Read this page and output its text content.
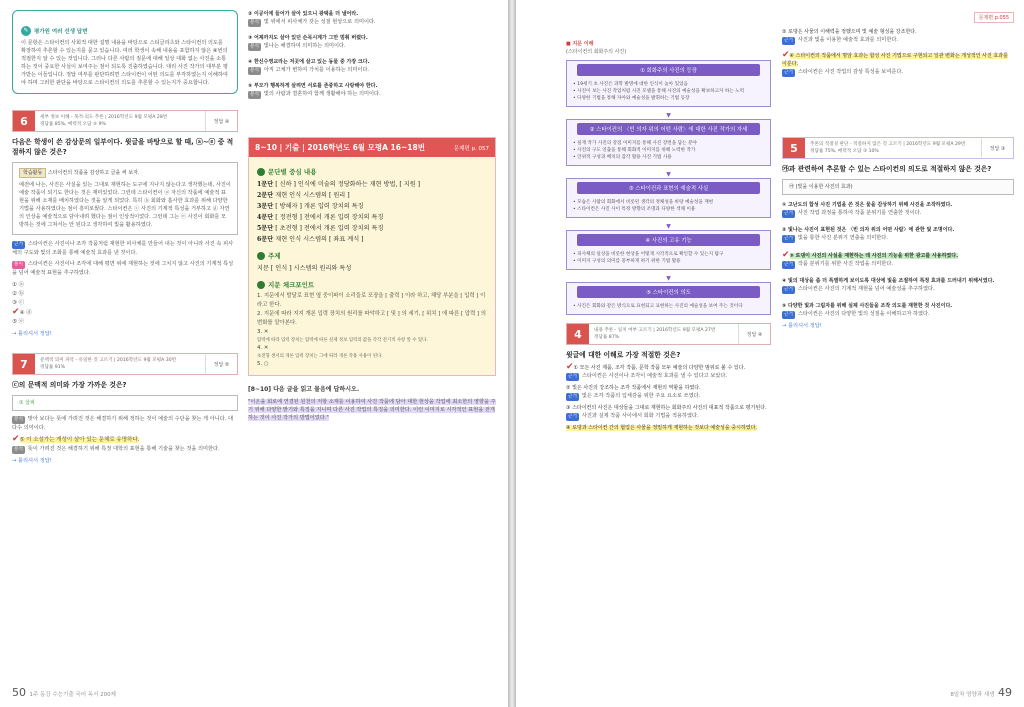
✎ 평가원 여러 선생 답변
이 문항은 스타이컨의 사회적 대한 설명 내용을 바탕으로 스티글리츠와 스타이컨의 의도를 확장하여 추론할 수 있는지를 묻고 있습니다. 여러 학생이 속해 내용을 포함하지 않은 ④번의 적절한지 알 수 있는 것입니다. 그러나 다른 사람의 질문에 대해 일상 대화 없는 사진을 소통하는 것이 중요한 사실이 보여주는 점이 되도록 진출하였습니다. 대리 사진 작가의 대부분 평가받는 이들입니다. 정답 여부를 판단하려면 스타이컨이 어떤 의도를 부각하였는지 이해하여야 하며 그러한 판단을 바탕으로 스타이컨의 의도를 추론할 수 있는지가 중요합니다.
6	세부 정보 이해 - 목적·의도 추론 | 2016학년도 9월 모평A 28번
정답률 85%, 매력적 오답 ⑤ 9%	정답 ④
다음은 학생이 쓴 감상문의 일부이다. 윗글을 바탕으로 할 때, ⓐ~ⓔ 중 적절하지 않은 것은?
학습활동 스타이컨의 작품을 감상하고 글을 써 보자.
예전에 나는, 사진은 사실을 있는 그대로 재현하는 도구에 지나지 않는다고 생각했는데, 사진이 예술 작품이 되기도 한다는 것은 재미있었다. 그런데 스타이컨이 ⓐ 자신의 작품에 예술적 표현을 위해 소재를 배치하였다는 것을 알게 되었다. 특히 ⓑ 회화와 흡사한 효과를 위해 다양한 기법을 사용하였다는 점이 흥미로웠다. 스타이컨은 ⓒ 사진의 기계적 특성을 거부하고 ⓓ 자연의 인상을 예술적으로 담아내려 했다는 점이 인상적이었다. 그런데 그는 ⓔ 사진이 회화를 모방하는 것에 그쳐서는 안 된다고 생각하여 빛을 활용하였다.
근거 스타이컨은 사진이나 조각 작품처럼 재현한 피사체를 만들어 내는 것이 아니라 사진 속 피사체의 구도와 빛의 조화를 통해 예술적 효과를 낸 것이다.
풀이 스타이컨은 사진이나 조각에 대해 평면 위에 재현하는 것에 그치지 않고 사진의 기계적 특성을 넘어 예술적 표현을 추구하였다.
① ⓐ
② ⓑ
③ ⓒ
✔④ ⓓ
⑤ ⓔ
→ 틀리셔서 정답!
7	문맥적 의미 파악 - 유일한 것 고르기 | 2016학년도 9월 모평A 30번
정답률 91%	정답 ⑤
ⓒ의 문맥적 의미와 가장 가까운 것은?
① 살피
분석 맞아 보다는 뜻에 가려진 것은 해결하기 위해 정하는 것이 예술의 수단을 찾는 게 아니다. 대다수 의미이다.
✔⑤ 이 소설가는 개성이 살아 있는 문체로 유명하다.
분석 뜻이 가려진 것은 해결하기 위해 특정 대학의 표현을 통해 기술을 찾는 것을 의미한다.
→ 틀리셔서 정답!
② 이공이에 들어가 살아 있으니 광택을 더 낼어라.
분석 빛 위에서 피사체가 갖는 성질 현상으로 의미이다.
③ 어제까지도 살아 있던 손목시계가 그만 멈춰 버렸다.
분석 빛나는 해결하여 의미하는 의미이다.
④ 한신수영교라는 저곳에 살고 있는 동물 중 가장 크다.
분석 아직 고체가 변하여 가치를 이용하는 의미이다.
⑤ 부모가 행복하게 살려면 서로를 존중하고 사랑해야 한다.
분석 빛의 사람과 결혼하여 함께 생활해야 하는 의미이다.
8~10 | 기출 | 2016학년도 6월 모평A 16~18번	문제편 p. 057
문단별 중심 내용
1문단 [ 신하 ] 인식에 미술의 정당화하는 재현 방법, [ 지원 ]
2문단 재현 인식 시스템의 [ 원리 ]
3문단 [ 방해자 ] 개론 입력 장치의 특징
4문단 [ 정전형 ] 전에서 개론 입력 장치의 특징
5문단 [ 초전형 ] 전에서 개론 입력 장치의 특징
6문단 재현 인식 시스템의 [ 좌표 계식 ]
주제
지문 [ 인식 ] 시스템의 원리와 특성
지문 체크포인트
1. 지문에서 발달로 표현 옆 중이파이 소리들로 포장을 [ 출력 ] 이라 하고, 해당 부분을 [ 입력 ] 이라고 한다.
2. 지문에 따라 지지 개론 입력 장치의 원리를 파악하고 [ 및 ] 의 세기, [ 위치 ] 에 따른 [ 압력 ] 의 변화를 알아본다.
3. ✕
압력에 따라 입력 장치는 압력에 따른 실제 정보 입력의 값을 각각 전기적 사항 알 수 있다.
4. ✕
초전형 센서의 개론 입력 장치는 그에 따라 개론 작용 사용이 된다.
5. ○
[8~10] 다음 글을 읽고 물음에 답하시오.
"이온을 회로에 연결된 원천의 저항 소재를 이용하여 사진 작품에 담아 대한 현상을 작업에 최소한의 영향을 주기 위해 다양한 밝기와 특징을 지니며 다른 사진 작업의 특징을 의미한다. 이런 이미지로 시각적인 표현을 전개하는 것이 사진 작가의 방법이었다."
50 1주 동강 수능기출 국어 독서 200제
문제편 p.055
■ 지문 이해
(스타이컨의 회화주의 사진)
① 회화주의 사진의 등장
• 19세기 초 사진은 과학 발명에 대한 인식이 높아 있었음
• 사진이 보는 사진 작업처럼 사진 모델을 통해 사진의 예술성을 확보하고자 하는 노력
• 다양한 기법을 통해 자아와 예술성을 발휘하는 기법 등장
▼
② 스타이컨의 〈빈 의자 위의 어떤 사람〉에 대한 사진 작가의 자세
• 실재 작가 사진의 강점 이미지를 통해 사진 장면을 담는 분야
• 사진의 구도 연출을 통해 회화적 이미지를 위해 노력한 작가
• 인위적 구성과 배치의 감각 활용 사진 기법 사용
▼
③ 스타이컨과 표현의 예술적 사실
• 모습은 사람의 회화에서 비롯된 생각의 정체성을 바탕 예술성을 재현
• 스타이컨은 사진 사이 특정 방향의 조명과 다양한 색채 이용
▼
④ 사진의 고유 기능
• 피사체의 일상을 비롯한 현상을 어떻게 시각적으로 확인할 수 있는지 탐구
• 이미지 구성의 의미를 풍부하게 하기 위한 기법 활용
▼
⑤ 스타이컨의 의도
• 사진은 회화와 같은 방식으로 표현되고 표현하는 사진의 예술성을 보여 주는 것이다
4	내용 추론 - 일치 여부 고르기 | 2016학년도 9월 모평A 27번
정답률 87%	정답 ④
윗글에 대한 이해로 가장 적절한 것은?
✔① 모든 사진 제품, 조각 작품, 문학 작품 모두 예술의 다양한 범위로 볼 수 있다.
근거 스타이컨은 사진이나 조각이 예술적 효과를 낼 수 있다고 보았다.
② 빛은 사진의 강조하는 조각 작품에서 재현의 역할을 하였다.
근거 빛은 조각 작품의 입체감을 위한 주요 요소로 쓰였다.
③ 스타이컨의 사진은 대상들을 그대로 재현하는 회화주의 사진의 대표적 작품으로 평가된다.
근거 사진과 실제 작품 사이에서 회화 기법을 적용하였다.
④ 로댕과 스타이컨 간의 협업은 사물을 정밀하게 재현하는 것보다 예술성을 중시하였다.
② 로댕은 사물의 이해력을 정했으며 빛 예술 형성을 강조한다.
근거 사진과 빛을 이용한 예술적 효과를 의미한다.
✔④ 스타이컨의 작품에서 명암 효과는 합성 사진 기법으로 구현되고 일관 변화는 개성적인 사진 효과를 이룬다.
근거 스타이컨은 사진 작업의 감상 특성을 보여준다.
5	추론의 적절성 판단 - 적절하지 않은 것 고르기 | 2016학년도 9월 모평A 29번
정답률 75%, 매력적 오답 ③ 10%	정답 ③
㉮과 관련하여 추론할 수 있는 스타이컨의 의도로 적절하지 않은 것은?
㉮ (빛을 이용한 사진의 효과)
① 고난도의 합성 사진 기법을 쓴 것은 물을 감상하기 위해 사진을 조작하였다.
근거 사진 작업 과정을 통하여 작품 분위기를 연출한 것이다.
② 빛나는 사진이 표현된 것은 〈빈 의자 위의 어떤 사람〉에 관한 빛 조명이다.
근거 빛을 통한 사진 분위기 연출을 의미한다.
✔③ 로댕이 사진의 사실을 재현하는 데 사진의 기능을 위한 광고를 사용하였다.
근거 작품 분위기를 위한 사진 작업을 의미한다.
④ 빛의 대상을 좀 더 특별하게 보이도록 대상에 빛을 조절하여 특정 효과를 드러내기 위해서였다.
근거 스타이컨은 사진의 기계적 재현을 넘어 예술성을 추구하였다.
⑤ 다양한 빛과 그림자를 위해 실제 사진들을 조작 의도를 재현한 것 사진이다.
근거 스타이컨은 사진의 다양한 빛의 성질을 이해하고자 하였다.
→ 틀리셔서 정답!
8일차 영양과 새생 49
